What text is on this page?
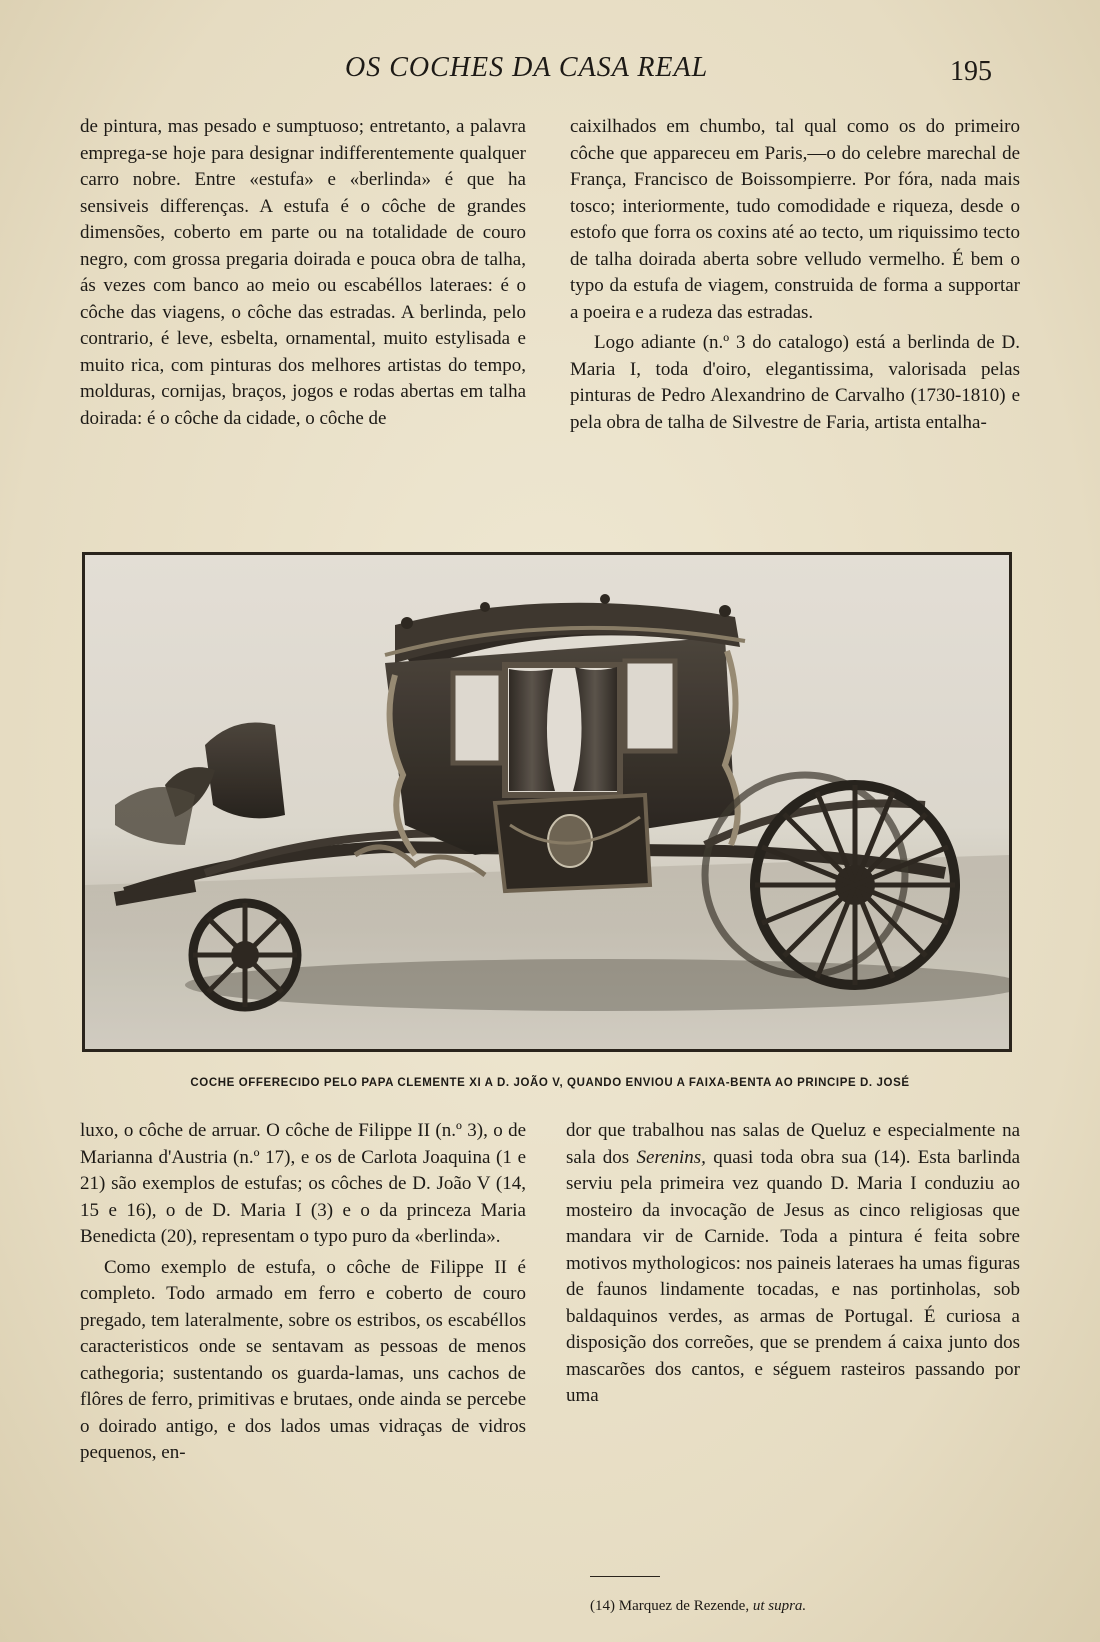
OS COCHES DA CASA REAL	195

de pintura, mas pesado e sumptuoso; entretanto, a palavra emprega-se hoje para designar indifferentemente qualquer carro nobre. Entre «estufa» e «berlinda» é que ha sensiveis differenças. A estufa é o côche de grandes dimensões, coberto em parte ou na totalidade de couro negro, com grossa pregaria doirada e pouca obra de talha, ás vezes com banco ao meio ou escabéllos lateraes: é o côche das viagens, o côche das estradas. A berlinda, pelo contrario, é leve, esbelta, ornamental, muito estylisada e muito rica, com pinturas dos melhores artistas do tempo, molduras, cornijas, braços, jogos e rodas abertas em talha doirada: é o côche da cidade, o côche de

caixilhados em chumbo, tal qual como os do primeiro côche que appareceu em Paris,—o do celebre marechal de França, Francisco de Boissompierre. Por fóra, nada mais tosco; interiormente, tudo comodidade e riqueza, desde o estofo que forra os coxins até ao tecto, um riquissimo tecto de talha doirada aberta sobre velludo vermelho. É bem o typo da estufa de viagem, construida de forma a supportar a poeira e a rudeza das estradas.

Logo adiante (n.º 3 do catalogo) está a berlinda de D. Maria I, toda d'oiro, elegantissima, valorisada pelas pinturas de Pedro Alexandrino de Carvalho (1730-1810) e pela obra de talha de Silvestre de Faria, artista entalha-

COCHE OFFERECIDO PELO PAPA CLEMENTE XI A D. JOÃO V, QUANDO ENVIOU A FAIXA-BENTA AO PRINCIPE D. JOSÉ

luxo, o côche de arruar. O côche de Filippe II (n.º 3), o de Marianna d'Austria (n.º 17), e os de Carlota Joaquina (1 e 21) são exemplos de estufas; os côches de D. João V (14, 15 e 16), o de D. Maria I (3) e o da princeza Maria Benedicta (20), representam o typo puro da «berlinda».

Como exemplo de estufa, o côche de Filippe II é completo. Todo armado em ferro e coberto de couro pregado, tem lateralmente, sobre os estribos, os escabéllos caracteristicos onde se sentavam as pessoas de menos cathegoria; sustentando os guarda-lamas, uns cachos de flôres de ferro, primitivas e brutaes, onde ainda se percebe o doirado antigo, e dos lados umas vidraças de vidros pequenos, en-

dor que trabalhou nas salas de Queluz e especialmente na sala dos Serenins, quasi toda obra sua (14). Esta barlinda serviu pela primeira vez quando D. Maria I conduziu ao mosteiro da invocação de Jesus as cinco religiosas que mandara vir de Carnide. Toda a pintura é feita sobre motivos mythologicos: nos paineis lateraes ha umas figuras de faunos lindamente tocadas, e nas portinholas, sob baldaquinos verdes, as armas de Portugal. É curiosa a disposição dos correões, que se prendem á caixa junto dos mascarões dos cantos, e séguem rasteiros passando por uma

(14) Marquez de Rezende, ut supra.
